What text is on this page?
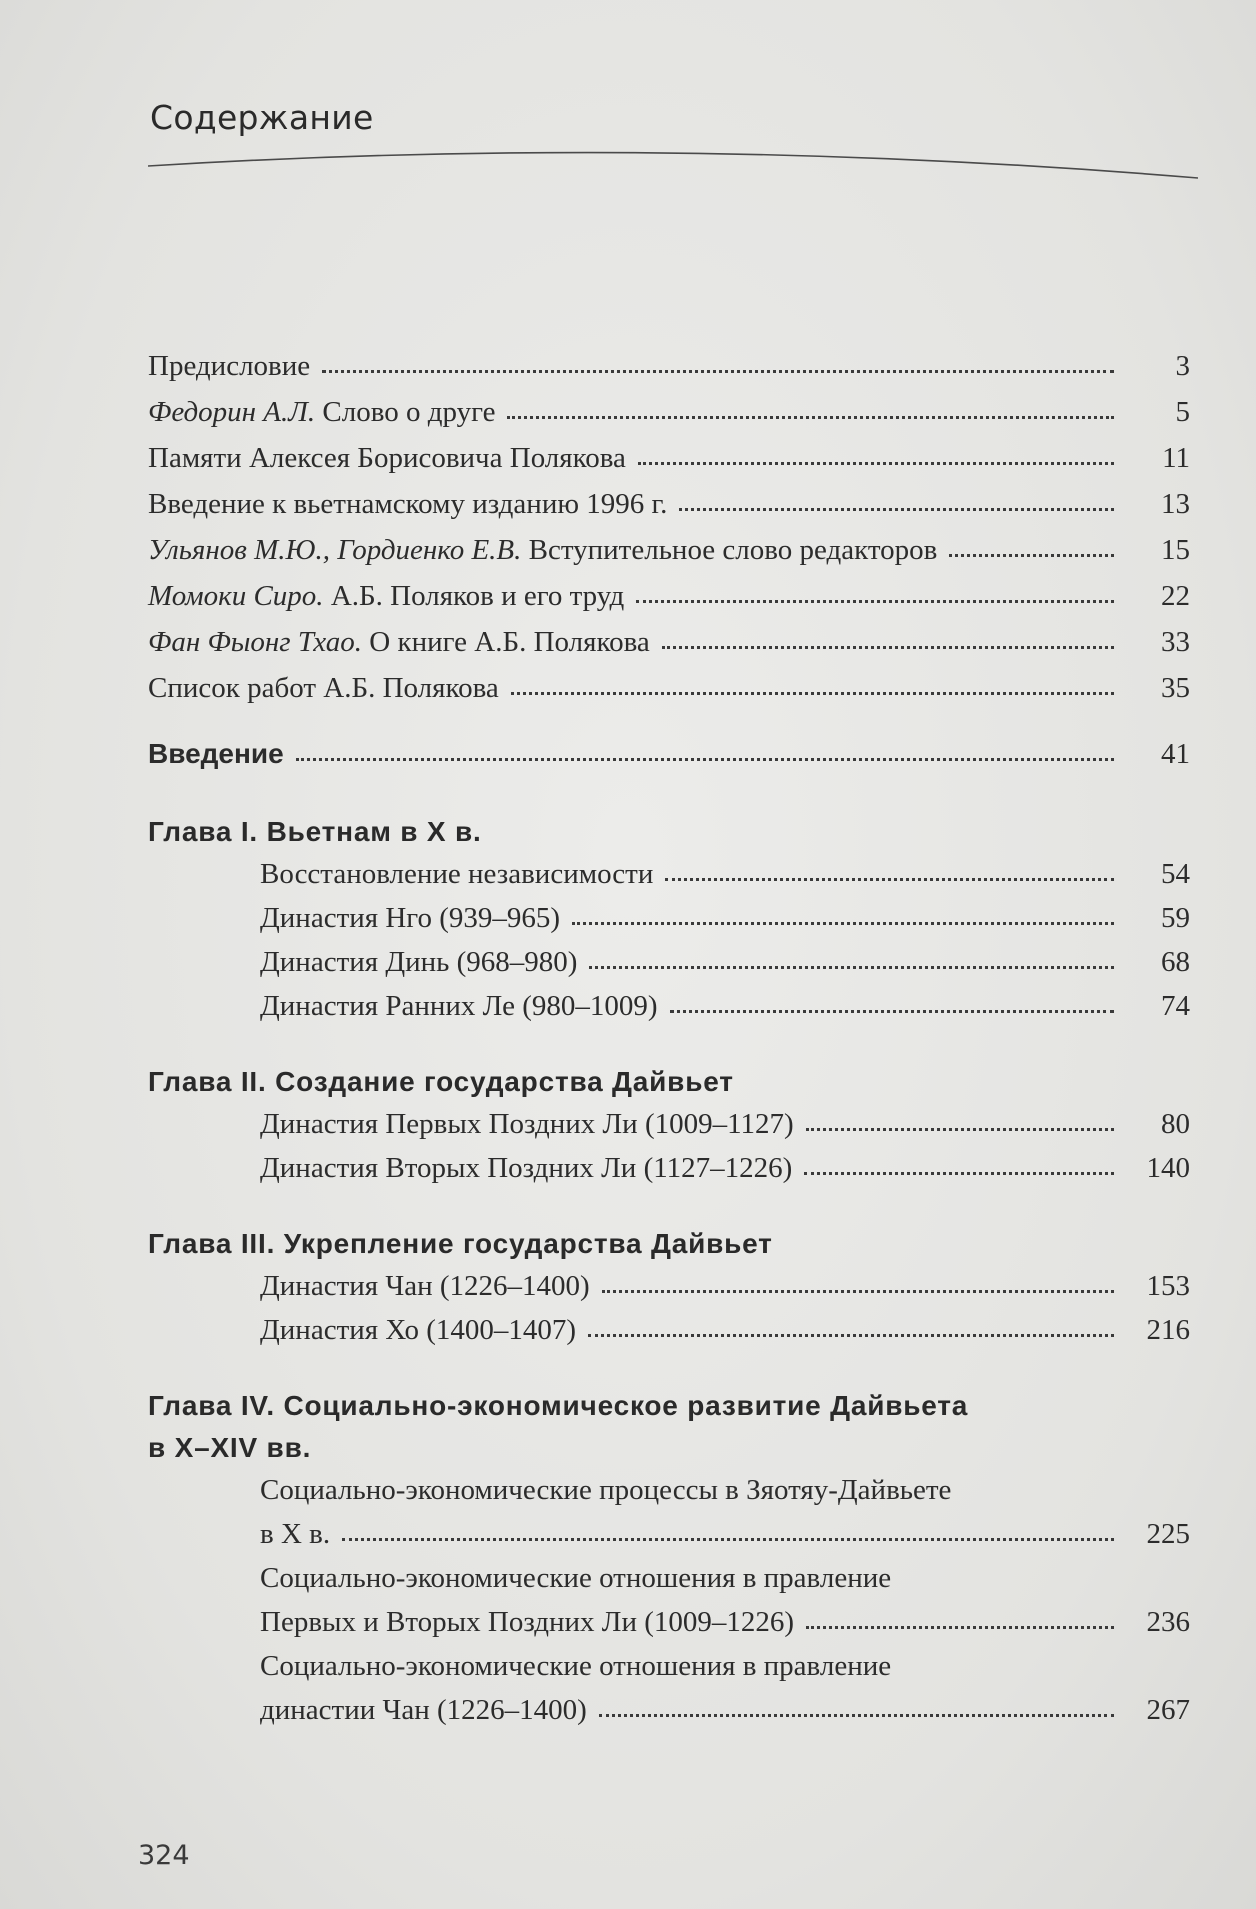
Содержание
Предисловие	3
Федорин А.Л. Слово о друге	5
Памяти Алексея Борисовича Полякова	11
Введение к вьетнамскому изданию 1996 г.	13
Ульянов М.Ю., Гордиенко Е.В. Вступительное слово редакторов	15
Момоки Сиро. А.Б. Поляков и его труд	22
Фан Фыонг Тхао. О книге А.Б. Полякова	33
Список работ А.Б. Полякова	35
Введение	41
Глава I. Вьетнам в X в.
Восстановление независимости	54
Династия Нго (939–965)	59
Династия Динь (968–980)	68
Династия Ранних Ле (980–1009)	74
Глава II. Создание государства Дайвьет
Династия Первых Поздних Ли (1009–1127)	80
Династия Вторых Поздних Ли (1127–1226)	140
Глава III. Укрепление государства Дайвьет
Династия Чан (1226–1400)	153
Династия Хо (1400–1407)	216
Глава IV. Социально-экономическое развитие Дайвьета
в X–XIV вв.
Социально-экономические процессы в Зяотяу-Дайвьете
в X в.	225
Социально-экономические отношения в правление
Первых и Вторых Поздних Ли (1009–1226)	236
Социально-экономические отношения в правление
династии Чан (1226–1400)	267
324
